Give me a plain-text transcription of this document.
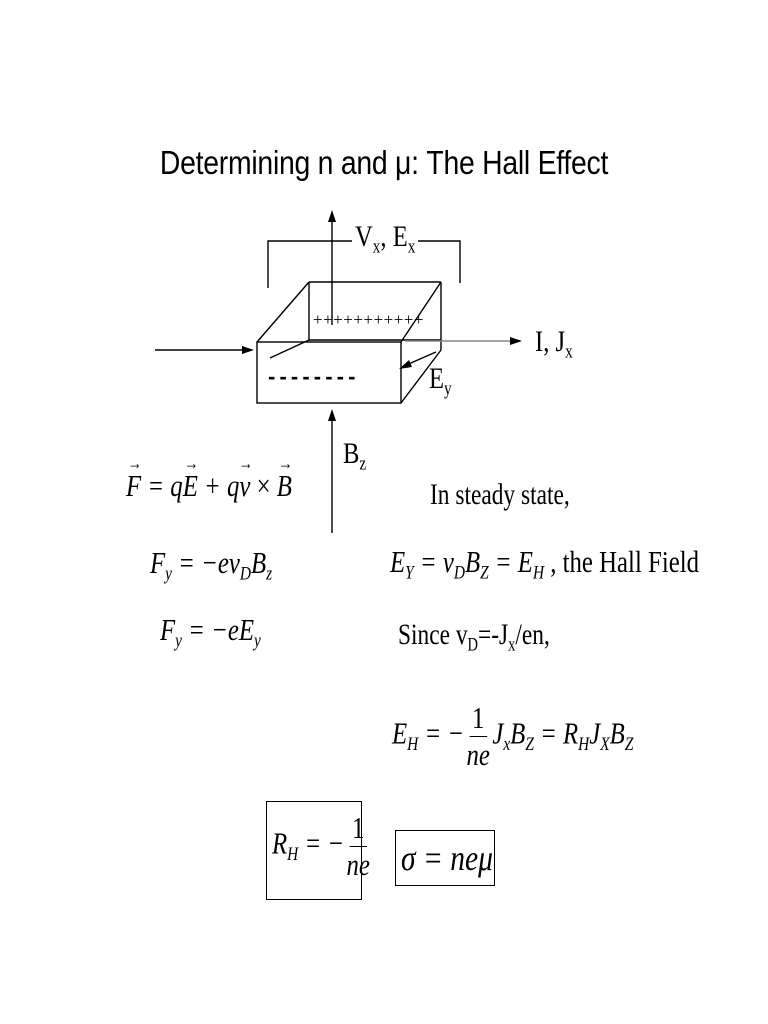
Determining n and μ: The Hall Effect
+++++++++++
- - - - - - - -
$V_x$, $E_x$
I, $J_x$
$E_y$
$B_z$
→
F = q
→
E + q
→
v ×
→
B
$F_y = -ev_DB_z$
$F_y = -eE_y$
In steady state,
$E_Y = v_DB_Z = E_H$ , the Hall Field
Since $v_D=-J_x/en$,
$E_H$ = − $\frac{1}{ne} J_xB_Z = R_HJ_XB_Z$
$R_H$ = − $\frac{1}{ne}$ σ = neμ
